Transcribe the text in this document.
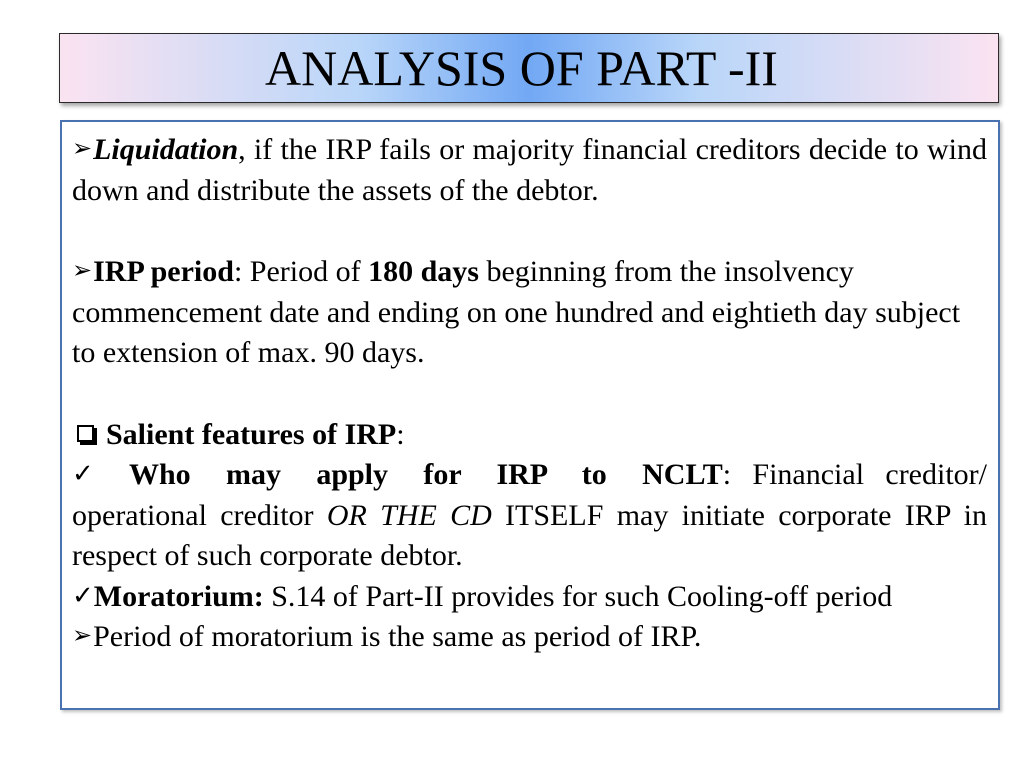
ANALYSIS OF PART -II

➢Liquidation, if the IRP fails or majority financial creditors decide to wind down and distribute the assets of the debtor.

➢IRP period: Period of 180 days beginning from the insolvency commencement date and ending on one hundred and eightieth day subject to extension of max. 90 days.

Salient features of IRP:

✓ Who may apply for IRP to NCLT: Financial creditor/ operational creditor OR THE CD ITSELF may initiate corporate IRP in respect of such corporate debtor.

✓Moratorium: S.14 of Part-II provides for such Cooling-off period

➢Period of moratorium is the same as period of IRP.
